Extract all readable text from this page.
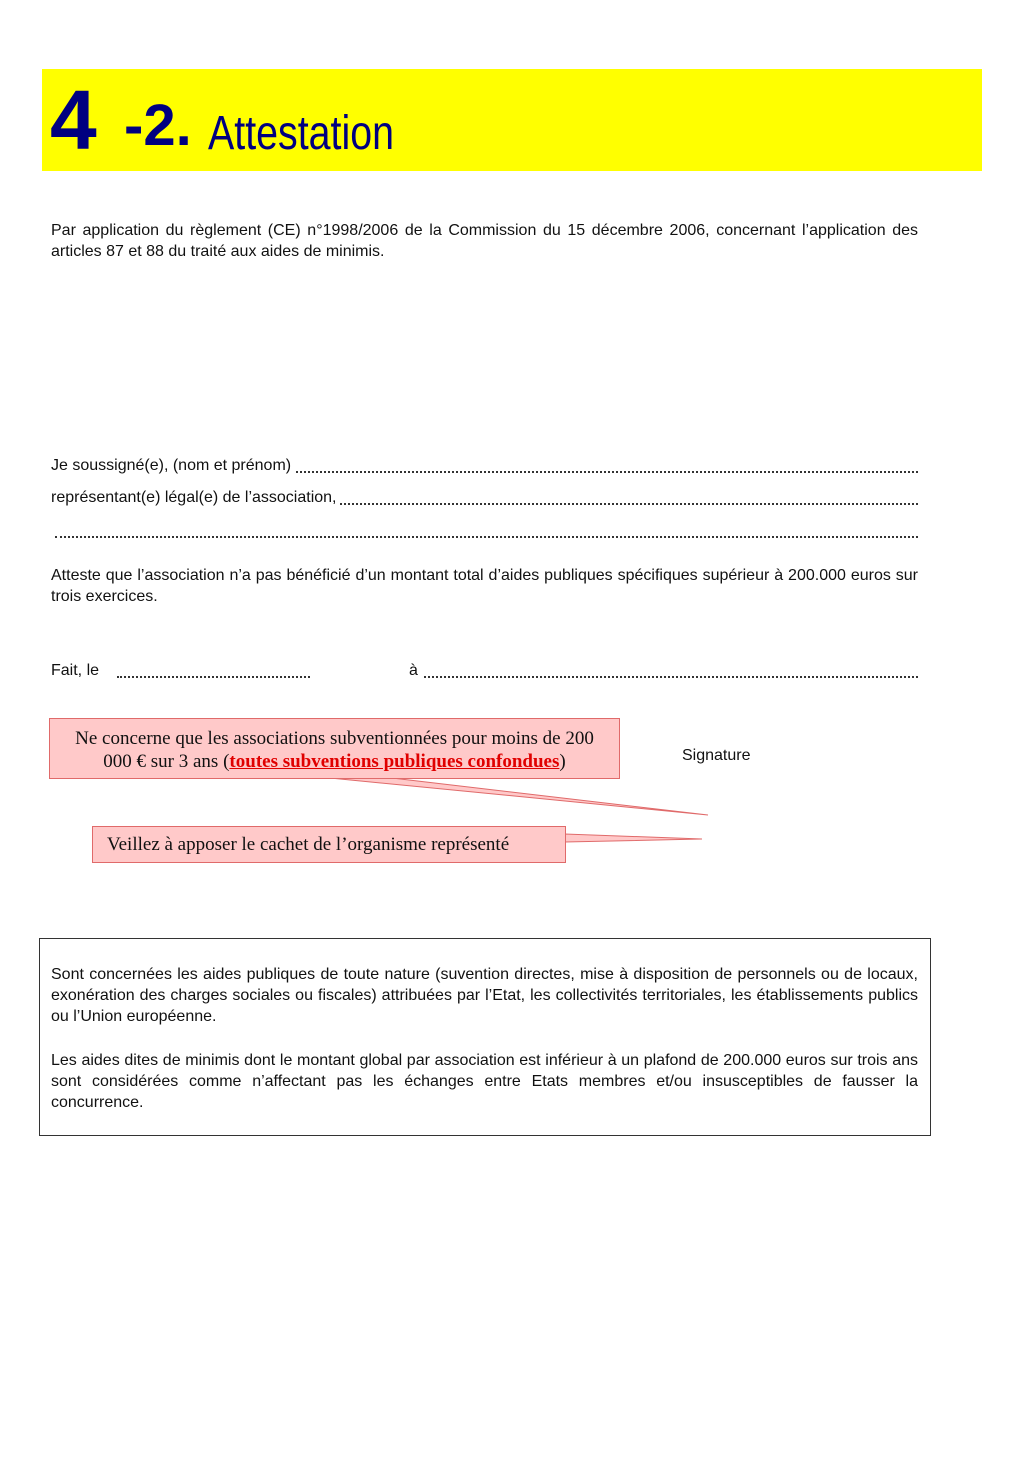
4 -2. Attestation
Par application du règlement (CE) n°1998/2006 de la Commission du 15 décembre 2006, concernant l’application des articles 87 et 88 du traité aux aides de minimis.
Je soussigné(e), (nom et prénom)
représentant(e) légal(e) de l’association,
Atteste que l’association n’a pas bénéficié d’un montant total d’aides publiques spécifiques supérieur à 200.000 euros sur trois exercices.
Fait, le	à
Signature
Ne concerne que les associations subventionnées pour moins de 200 000 € sur 3 ans (toutes subventions publiques confondues)
Veillez à apposer le cachet de l’organisme représenté
Sont concernées les aides publiques de toute nature (suvention directes, mise à disposition de personnels ou de locaux, exonération des charges sociales ou fiscales) attribuées par l’Etat, les collectivités territoriales, les établissements publics ou l’Union européenne.
Les aides dites de minimis dont le montant global par association est inférieur à un plafond de 200.000 euros sur trois ans sont considérées comme n’affectant pas les échanges entre Etats membres et/ou insusceptibles de fausser la concurrence.
